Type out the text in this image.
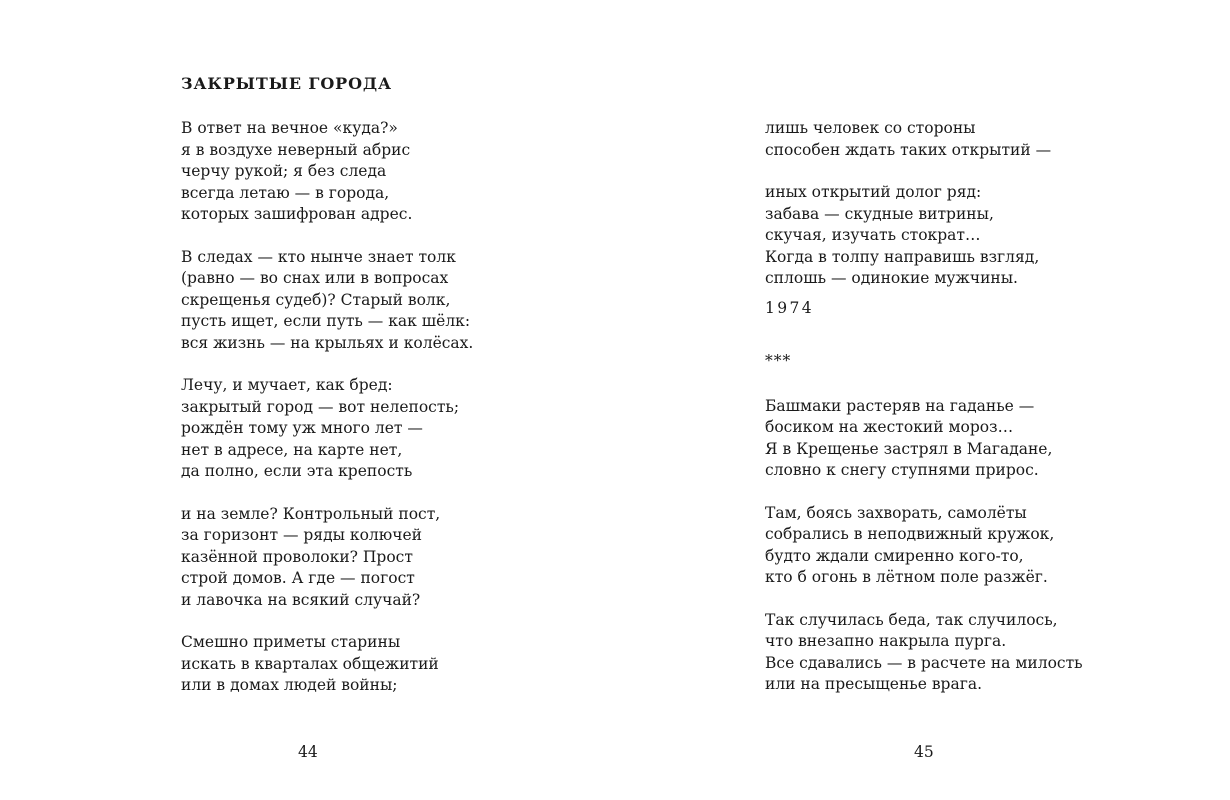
ЗАКРЫТЫЕ ГОРОДА
В ответ на вечное «куда?»
я в воздухе неверный абрис
черчу рукой; я без следа
всегда летаю — в города,
которых зашифрован адрес.
В следах — кто нынче знает толк
(равно — во снах или в вопросах
скрещенья судеб)? Старый волк,
пусть ищет, если путь — как шёлк:
вся жизнь — на крыльях и колёсах.
Лечу, и мучает, как бред:
закрытый город — вот нелепость;
рождён тому уж много лет —
нет в адресе, на карте нет,
да полно, если эта крепость
и на земле? Контрольный пост,
за горизонт — ряды колючей
казённой проволоки? Прост
строй домов. А где — погост
и лавочка на всякий случай?
Смешно приметы старины
искать в кварталах общежитий
или в домах людей войны;
44
лишь человек со стороны
способен ждать таких открытий —
иных открытий долог ряд:
забава — скудные витрины,
скучая, изучать стократ…
Когда в толпу направишь взгляд,
сплошь — одинокие мужчины.
1974
***
Башмаки растеряв на гаданье —
босиком на жестокий мороз…
Я в Крещенье застрял в Магадане,
словно к снегу ступнями прирос.
Там, боясь захворать, самолёты
собрались в неподвижный кружок,
будто ждали смиренно кого-то,
кто б огонь в лётном поле разжёг.
Так случилась беда, так случилось,
что внезапно накрыла пурга.
Все сдавались — в расчете на милость
или на пресыщенье врага.
45
